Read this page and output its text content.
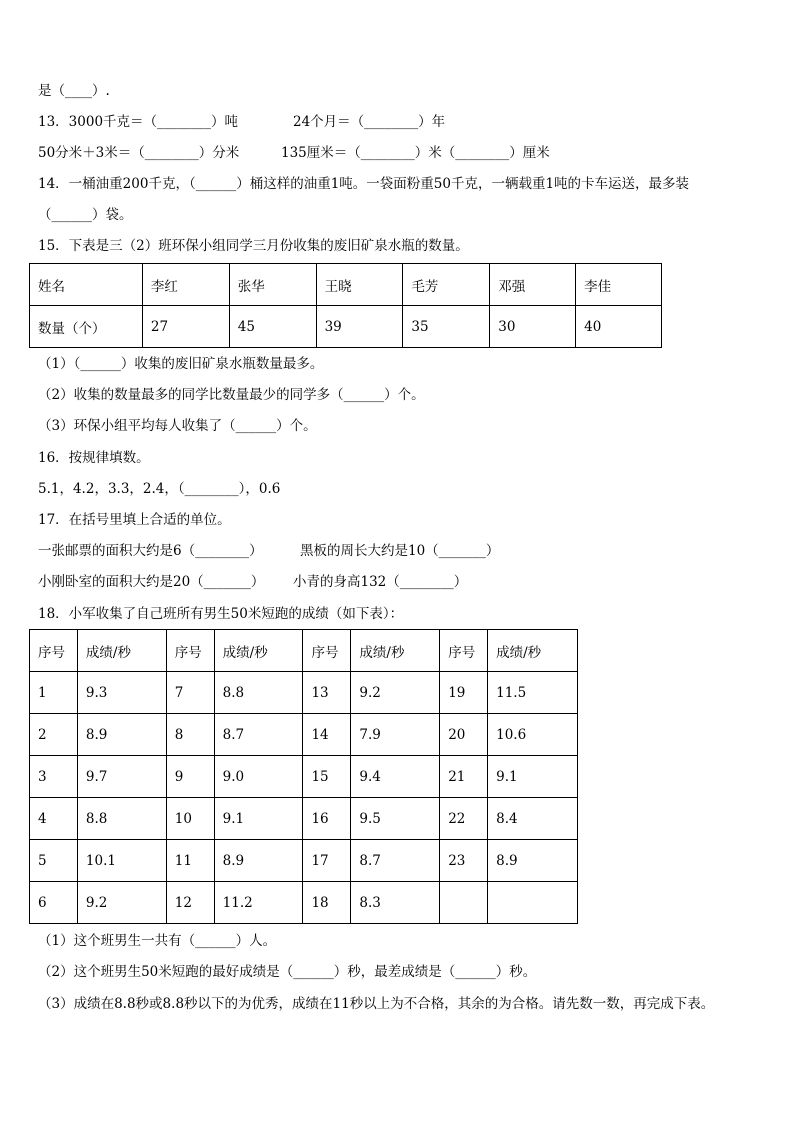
是（____）.
13．3000千克＝（________）吨	24个月＝（________）年
50分米＋3米＝（________）分米	135厘米＝（________）米（________）厘米
14．一桶油重200千克，（______）桶这样的油重1吨。一袋面粉重50千克，一辆载重1吨的卡车运送，最多装
（______）袋。
15．下表是三（2）班环保小组同学三月份收集的废旧矿泉水瓶的数量。
姓名	李红	张华	王晓	毛芳	邓强	李佳
数量（个）	27	45	39	35	30	40
（1）（______）收集的废旧矿泉水瓶数量最多。
（2）收集的数量最多的同学比数量最少的同学多（______）个。
（3）环保小组平均每人收集了（______）个。
16．按规律填数。
5.1，4.2，3.3，2.4，（________），0.6
17．在括号里填上合适的单位。
一张邮票的面积大约是6（________）	黑板的周长大约是10（_______）
小刚卧室的面积大约是20（_______） 小青的身高132（________）
18．小军收集了自己班所有男生50米短跑的成绩（如下表）：
序号	成绩/秒	序号	成绩/秒	序号	成绩/秒	序号	成绩/秒
1	9.3	7	8.8	13	9.2	19	11.5
2	8.9	8	8.7	14	7.9	20	10.6
3	9.7	9	9.0	15	9.4	21	9.1
4	8.8	10	9.1	16	9.5	22	8.4
5	10.1	11	8.9	17	8.7	23	8.9
6	9.2	12	11.2	18	8.3		
（1）这个班男生一共有（______）人。
（2）这个班男生50米短跑的最好成绩是（______）秒，最差成绩是（______）秒。
（3）成绩在8.8秒或8.8秒以下的为优秀，成绩在11秒以上为不合格，其余的为合格。请先数一数，再完成下表。
